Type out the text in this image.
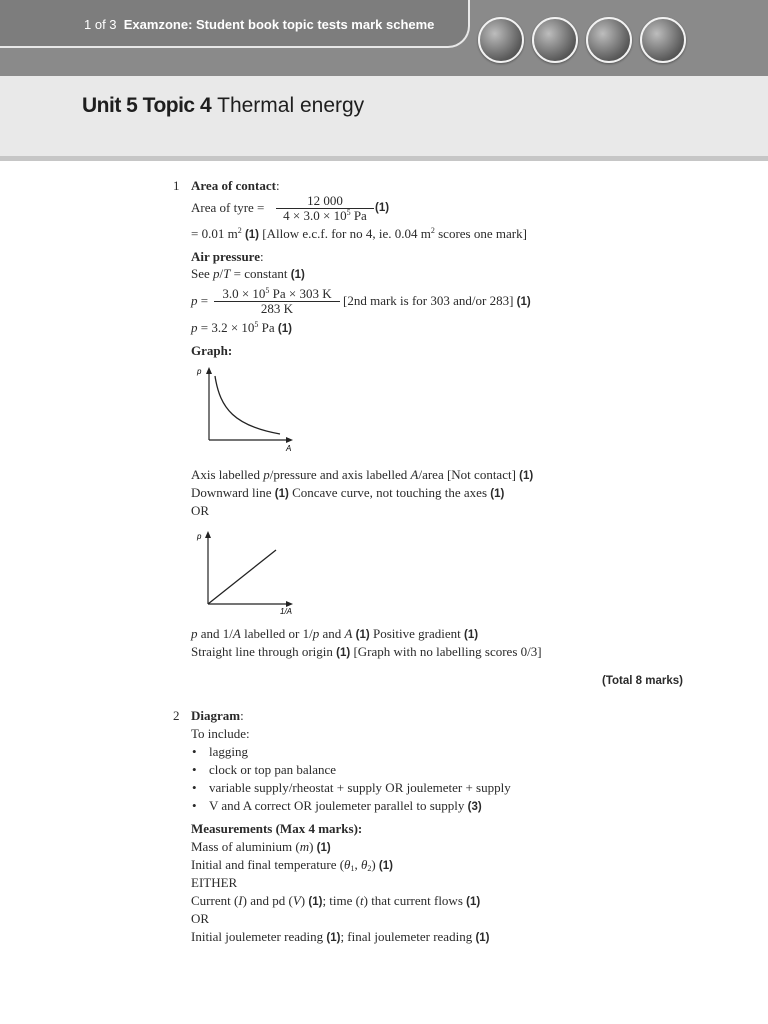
1 of 3 Examzone: Student book topic tests mark scheme
Unit 5 Topic 4 Thermal energy
1 Area of contact:
Area of tyre =	12 000
$4 \times 3.0 \times 10^5$ Pa (1)
= 0.01 $m^2$ (1) [Allow e.c.f. for no 4, ie. 0.04 $m^2$ scores one mark]
Air pressure:
See p/T = constant (1)
p =	$3.0 \times 10^5$ Pa × 303 K
283 K
[2nd mark is for 303 and/or 283] (1)
$p = 3.2 \times 10^5$ Pa (1)
Graph:
p
A
Axis labelled p/pressure and axis labelled A/area [Not contact] (1)
Downward line (1) Concave curve, not touching the axes (1)
OR
p
1/A
p and 1/A labelled or 1/p and A (1) Positive gradient (1)
Straight line through origin (1) [Graph with no labelling scores 0/3]
(Total 8 marks)
2 Diagram:
To include:
• lagging
• clock or top pan balance
• variable supply/rheostat + supply OR joulemeter + supply
• V and A correct OR joulemeter parallel to supply (3)
Measurements (Max 4 marks):
Mass of aluminium (m) (1)
Initial and final temperature ($\theta_1$, $\theta_2$) (1)
EITHER
Current (I) and pd (V) (1); time (t) that current flows (1)
OR
Initial joulemeter reading (1); final joulemeter reading (1)
